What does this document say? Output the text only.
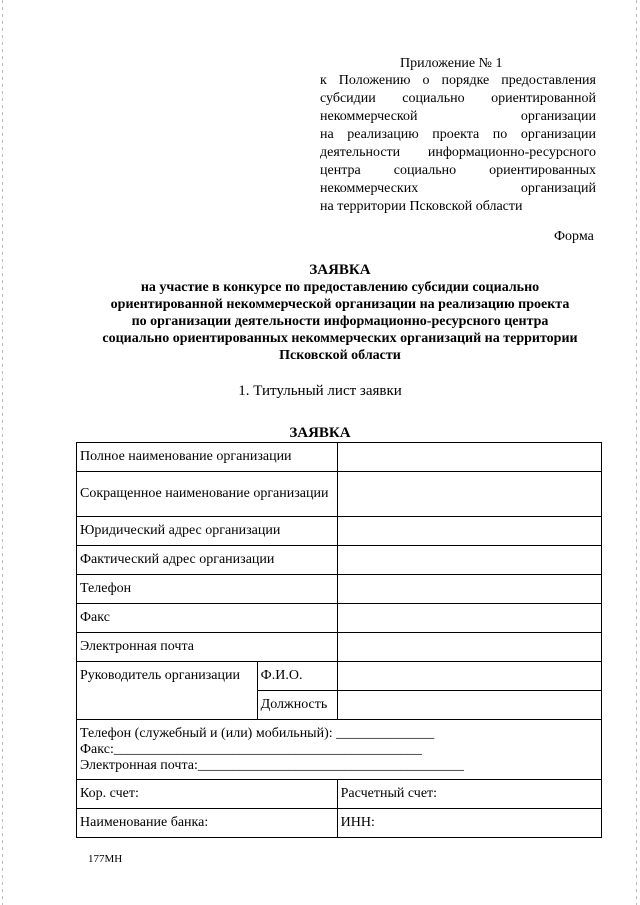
Приложение № 1
к Положению о порядке предоставления
субсидии социально ориентированной
некоммерческой организации
на реализацию проекта по организации
деятельности информационно-ресурсного
центра социально ориентированных
некоммерческих организаций
на территории Псковской области
Форма
ЗАЯВКА
на участие в конкурсе по предоставлению субсидии социально
ориентированной некоммерческой организации на реализацию проекта
по организации деятельности информационно-ресурсного центра
социально ориентированных некоммерческих организаций на территории
Псковской области
1. Титульный лист заявки
ЗАЯВКА
Полное наименование организации		
Сокращенное наименование организации		
Юридический адрес организации		
Фактический адрес организации		
Телефон		
Факс		
Электронная почта		
Руководитель организации	Ф.И.О.	
	Должность	

Телефон (служебный и (или) мобильный): ______________
Факс:____________________________________________
Электронная почта:______________________________________		

Кор. счет:		Расчетный счет:
Наименование банка:		ИНН:
177МН
